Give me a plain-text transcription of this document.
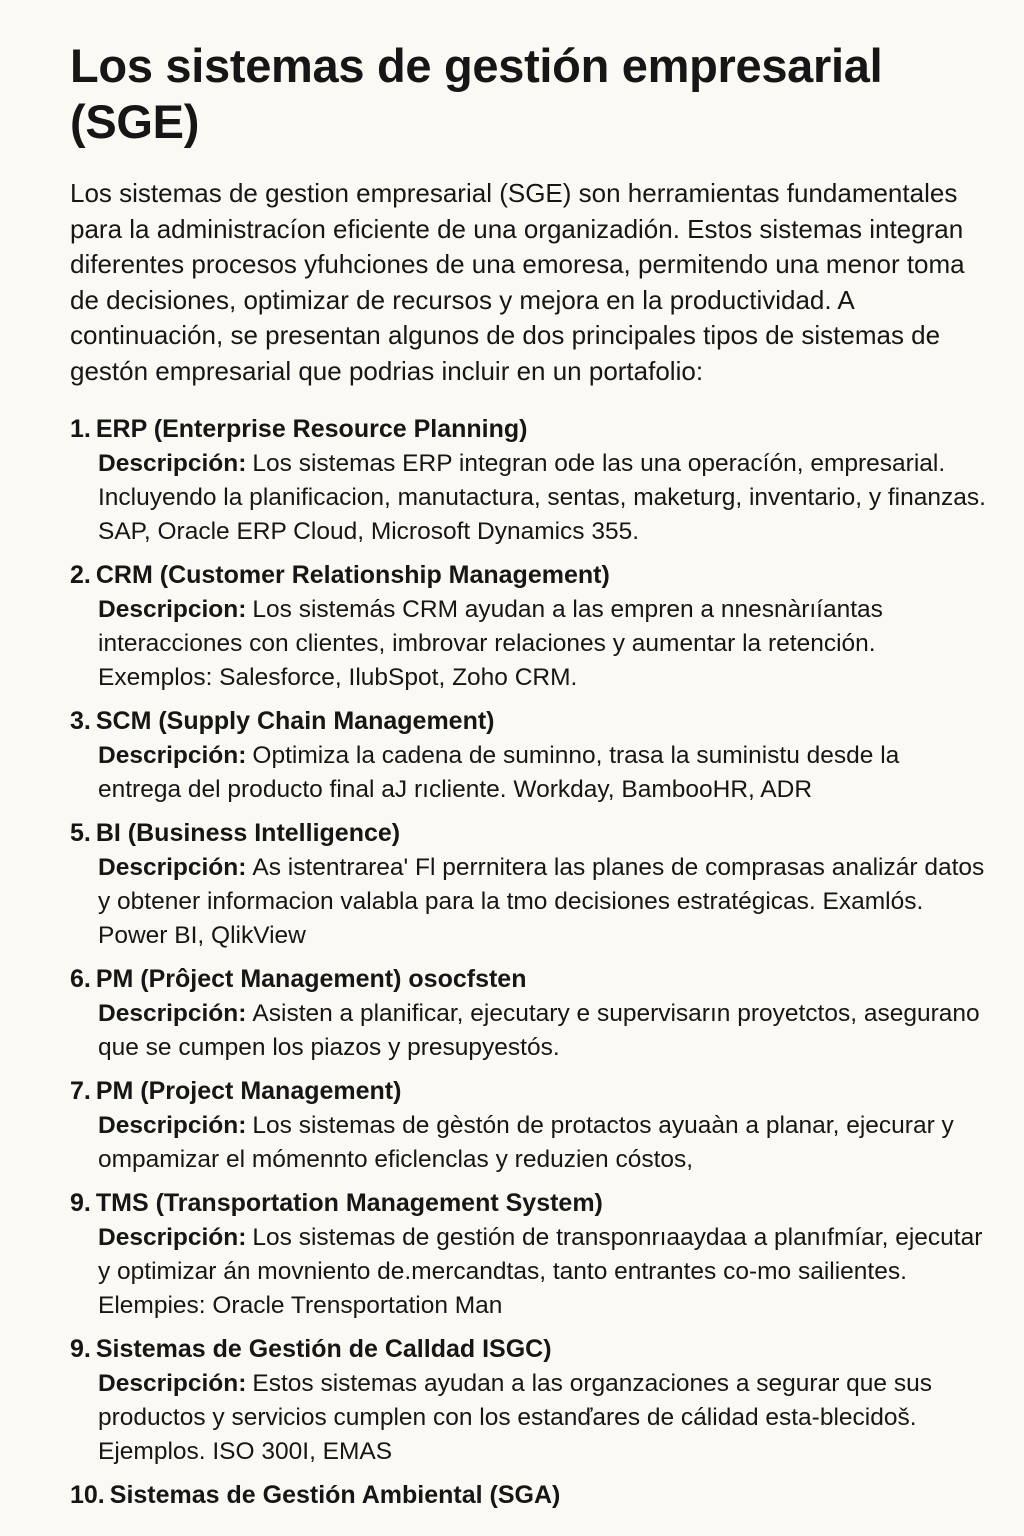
Los sistemas de gestión empresarial (SGE)

Los sistemas de gestion empresarial (SGE) son herramientas fundamentales para la administracíon eficiente de una organizadión. Estos sistemas integran diferentes procesos yfuhciones de una emoresa, permitendo una menor toma de decisiones, optimizar de recursos y mejora en la productividad. A continuación, se presentan algunos de dos principales tipos de sistemas de gestón empresarial que podrias incluir en un portafolio:

1. ERP (Enterprise Resource Planning)
Descripción: Los sistemas ERP integran ode las una operacíón, empresarial. Incluyendo la planificacion, manutactura, sentas, maketurg, inventario, y finanzas. SAP, Oracle ERP Cloud, Microsoft Dynamics 355.
2. CRM (Customer Relationship Management)
Descripcion: Los sistemás CRM ayudan a las empren a nnesnàrıíantas interacciones con clientes, imbrovar relaciones y aumentar la retención. Exemplos: Salesforce, IlubSpot, Zoho CRM.
3. SCM (Supply Chain Management)
Descripción: Optimiza la cadena de suminno, trasa la suministu desde la entrega del producto final aJ rıcliente. Workday, BambooHR, ADR
5. BI (Business Intelligence)
Descripción: As istentrarea' Fl perrnitera las planes de comprasas analizár datos y obtener informacion valabla para la tmo decisiones estratégicas. Examlós. Power BI, QlikView
6. PM (Prôject Management) osocfsten
Descripción: Asisten a planificar, ejecutary e supervisarın proyetctos, asegurano que se cumpen los piazos y presupyestós.
7. PM (Project Management)
Descripción: Los sistemas de gèstón de protactos ayuaàn a planar, ejecurar y ompamizar el mómennto eficlenclas y reduzien cóstos,
9. TMS (Transportation Management System)
Descripción: Los sistemas de gestión de transponrıaaydaa a planıfmíar, ejecutar y optimizar án movniento de.mercandtas, tanto entrantes co-mo sailientes. Elempies: Oracle Trensportation Man
9. Sistemas de Gestión de Calldad ISGC)
Descripción: Estos sistemas ayudan a las organzaciones a segurar que sus productos y servicios cumplen con los estanďares de cálidad esta-blecidoš. Ejemplos. ISO 300I, EMAS
10. Sistemas de Gestión Ambiental (SGA)
